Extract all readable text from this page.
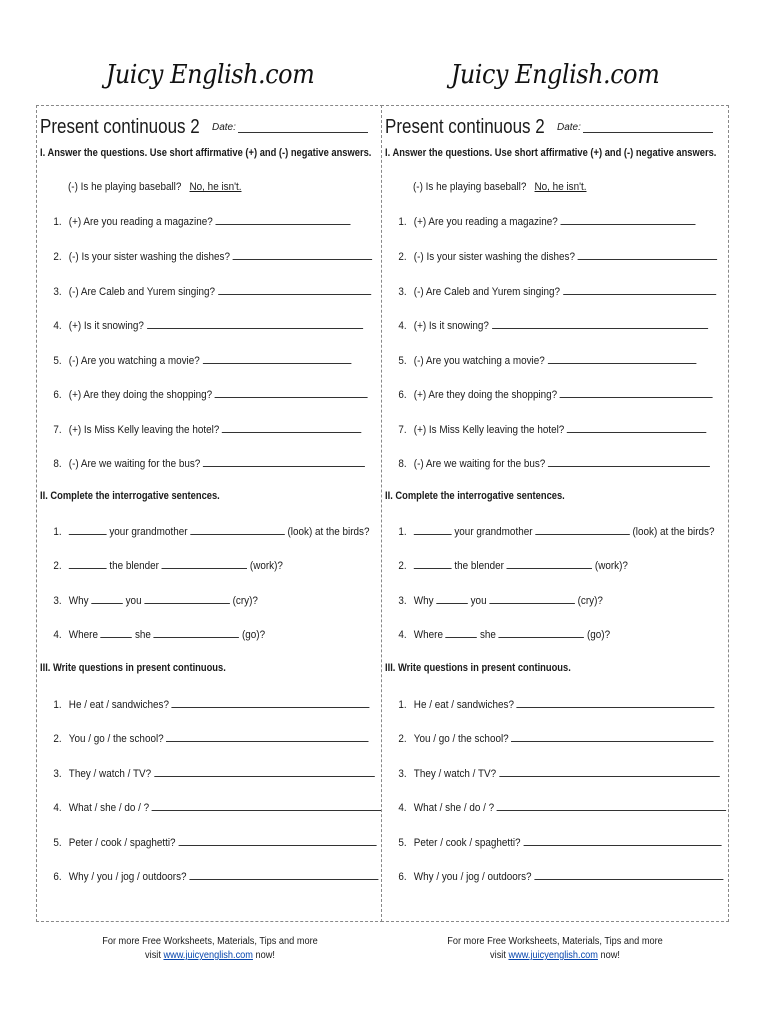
Juicy English.com
Present continuous 2 Date:
I. Answer the questions. Use short affirmative (+) and (-) negative answers.
(-) Is he playing baseball? No, he isn't.
1. (+) Are you reading a magazine?
2. (-) Is your sister washing the dishes?
3. (-) Are Caleb and Yurem singing?
4. (+) Is it snowing?
5. (-) Are you watching a movie?
6. (+) Are they doing the shopping?
7. (+) Is Miss Kelly leaving the hotel?
8. (-) Are we waiting for the bus?
II. Complete the interrogative sentences.
1.	your grandmother	(look) at the birds?
2.	the blender	(work)?
3. Why	you	(cry)?
4. Where	she	(go)?
III. Write questions in present continuous.
1. He / eat / sandwiches?
2. You / go / the school?
3. They / watch / TV?
4. What / she / do / ?
5. Peter / cook / spaghetti?
6. Why / you / jog / outdoors?
For more Free Worksheets, Materials, Tips and more
visit www.juicyenglish.com now!
Juicy English.com
Present continuous 2 Date:
I. Answer the questions. Use short affirmative (+) and (-) negative answers.
(-) Is he playing baseball? No, he isn't.
1. (+) Are you reading a magazine?
2. (-) Is your sister washing the dishes?
3. (-) Are Caleb and Yurem singing?
4. (+) Is it snowing?
5. (-) Are you watching a movie?
6. (+) Are they doing the shopping?
7. (+) Is Miss Kelly leaving the hotel?
8. (-) Are we waiting for the bus?
II. Complete the interrogative sentences.
1.	your grandmother	(look) at the birds?
2.	the blender	(work)?
3. Why	you	(cry)?
4. Where	she	(go)?
III. Write questions in present continuous.
1. He / eat / sandwiches?
2. You / go / the school?
3. They / watch / TV?
4. What / she / do / ?
5. Peter / cook / spaghetti?
6. Why / you / jog / outdoors?
For more Free Worksheets, Materials, Tips and more
visit www.juicyenglish.com now!
